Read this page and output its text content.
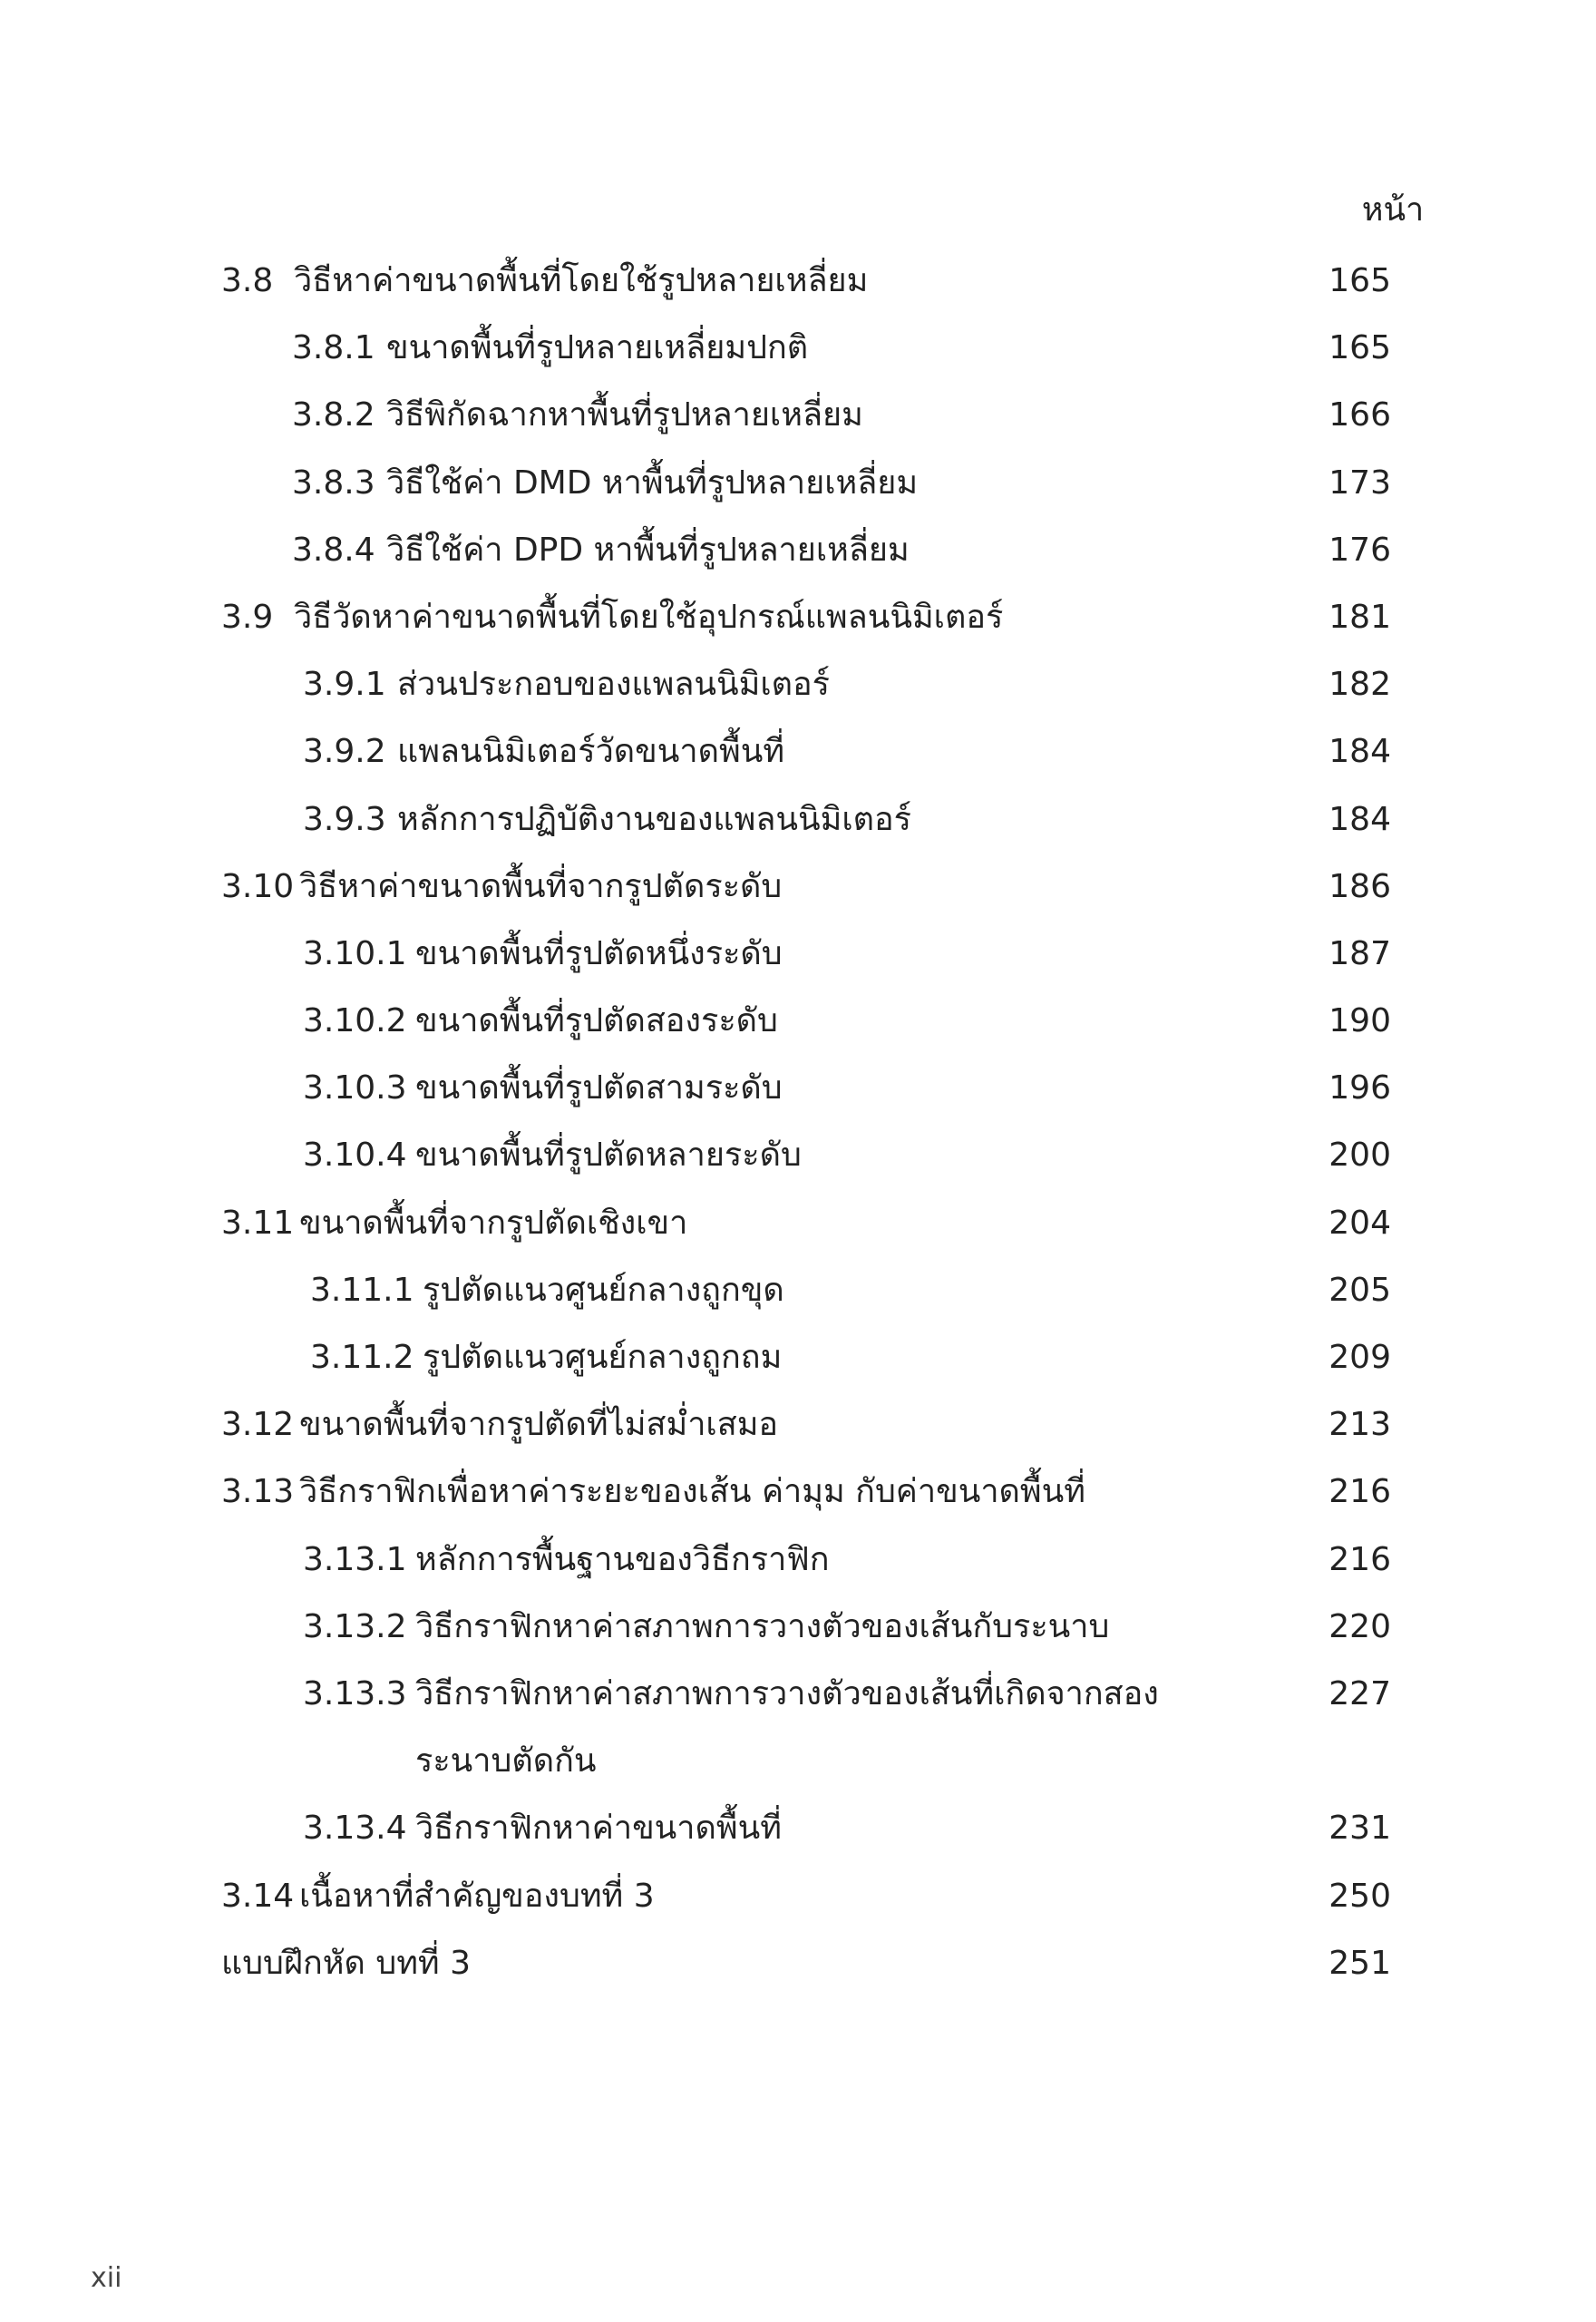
หน้า
3.8 วิธีหาค่าขนาดพื้นที่โดยใช้รูปหลายเหลี่ยม	165
3.8.1 ขนาดพื้นที่รูปหลายเหลี่ยมปกติ	165
3.8.2 วิธีพิกัดฉากหาพื้นที่รูปหลายเหลี่ยม	166
3.8.3 วิธีใช้ค่า DMD หาพื้นที่รูปหลายเหลี่ยม	173
3.8.4 วิธีใช้ค่า DPD หาพื้นที่รูปหลายเหลี่ยม	176
3.9 วิธีวัดหาค่าขนาดพื้นที่โดยใช้อุปกรณ์แพลนนิมิเตอร์	181
3.9.1 ส่วนประกอบของแพลนนิมิเตอร์	182
3.9.2 แพลนนิมิเตอร์วัดขนาดพื้นที่	184
3.9.3 หลักการปฏิบัติงานของแพลนนิมิเตอร์	184
3.10 วิธีหาค่าขนาดพื้นที่จากรูปตัดระดับ	186
3.10.1 ขนาดพื้นที่รูปตัดหนึ่งระดับ	187
3.10.2 ขนาดพื้นที่รูปตัดสองระดับ	190
3.10.3 ขนาดพื้นที่รูปตัดสามระดับ	196
3.10.4 ขนาดพื้นที่รูปตัดหลายระดับ	200
3.11 ขนาดพื้นที่จากรูปตัดเชิงเขา	204
3.11.1 รูปตัดแนวศูนย์กลางถูกขุด	205
3.11.2 รูปตัดแนวศูนย์กลางถูกถม	209
3.12 ขนาดพื้นที่จากรูปตัดที่ไม่สม่ำเสมอ	213
3.13 วิธีกราฟิกเพื่อหาค่าระยะของเส้น ค่ามุม กับค่าขนาดพื้นที่	216
3.13.1 หลักการพื้นฐานของวิธีกราฟิก	216
3.13.2 วิธีกราฟิกหาค่าสภาพการวางตัวของเส้นกับระนาบ	220
3.13.3 วิธีกราฟิกหาค่าสภาพการวางตัวของเส้นที่เกิดจากสอง	227
ระนาบตัดกัน
3.13.4 วิธีกราฟิกหาค่าขนาดพื้นที่	231
3.14 เนื้อหาที่สำคัญของบทที่ 3	250
แบบฝึกหัด บทที่ 3	251
xii
